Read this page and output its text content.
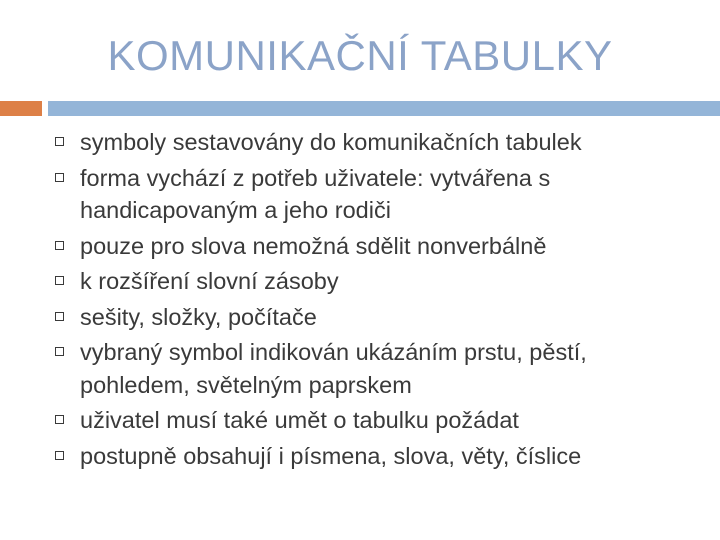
KOMUNIKAČNÍ TABULKY
symboly sestavovány do komunikačních tabulek
forma vychází z potřeb uživatele: vytvářena s handicapovaným a jeho rodiči
pouze pro slova nemožná sdělit nonverbálně
k rozšíření slovní zásoby
sešity, složky, počítače
vybraný symbol indikován ukázáním prstu, pěstí, pohledem, světelným paprskem
uživatel musí také umět o tabulku požádat
postupně obsahují i písmena, slova, věty, číslice
